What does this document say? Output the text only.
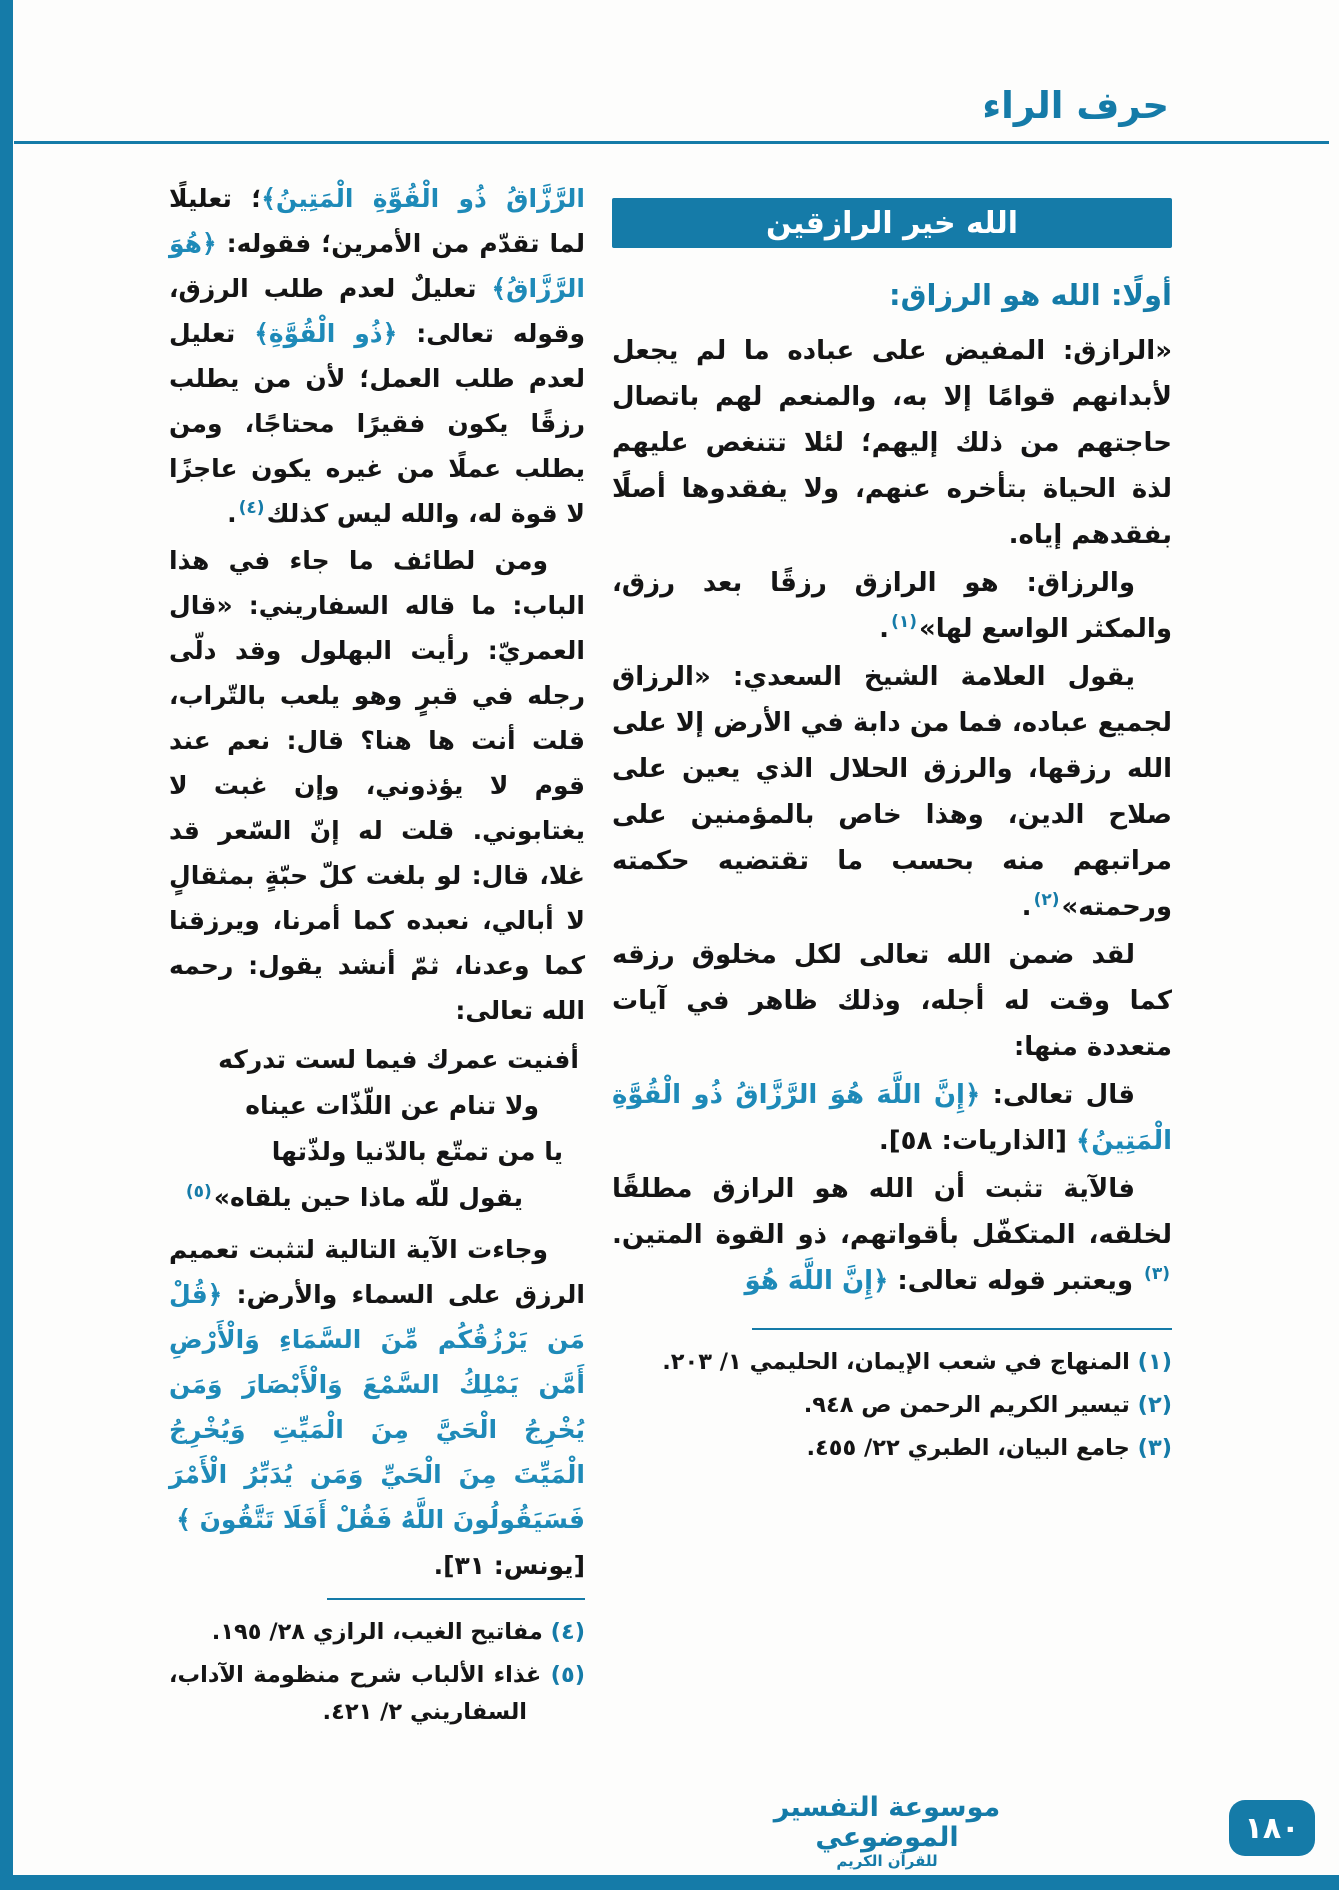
حرف الراء
الله خير الرازقين
أولًا: الله هو الرزاق:

«الرازق: المفيض على عباده ما لم يجعل لأبدانهم قوامًا إلا به، والمنعم لهم باتصال حاجتهم من ذلك إليهم؛ لئلا تتنغص عليهم لذة الحياة بتأخره عنهم، ولا يفقدوها أصلًا بفقدهم إياه.

والرزاق: هو الرازق رزقًا بعد رزق، والمكثر الواسع لها»$^{(١)}$.

يقول العلامة الشيخ السعدي: «الرزاق لجميع عباده، فما من دابة في الأرض إلا على الله رزقها، والرزق الحلال الذي يعين على صلاح الدين، وهذا خاص بالمؤمنين على مراتبهم منه بحسب ما تقتضيه حكمته ورحمته»$^{(٢)}$.

لقد ضمن الله تعالى لكل مخلوق رزقه كما وقت له أجله، وذلك ظاهر في آيات متعددة منها:

قال تعالى: ﴿إِنَّ اللَّهَ هُوَ الرَّزَّاقُ ذُو الْقُوَّةِ الْمَتِينُ﴾ [الذاريات: ٥٨].

فالآية تثبت أن الله هو الرازق مطلقًا لخلقه، المتكفّل بأقواتهم، ذو القوة المتين.$^{(٣)}$ ويعتبر قوله تعالى: ﴿إِنَّ اللَّهَ هُوَ

(١) المنهاج في شعب الإيمان، الحليمي ١/ ٢٠٣.
(٢) تيسير الكريم الرحمن ص ٩٤٨.
(٣) جامع البيان، الطبري ٢٢/ ٤٥٥.

الرَّزَّاقُ ذُو الْقُوَّةِ الْمَتِينُ﴾؛ تعليلًا لما تقدّم من الأمرين؛ فقوله: ﴿هُوَ الرَّزَّاقُ﴾ تعليلٌ لعدم طلب الرزق، وقوله تعالى: ﴿ذُو الْقُوَّةِ﴾ تعليل لعدم طلب العمل؛ لأن من يطلب رزقًا يكون فقيرًا محتاجًا، ومن يطلب عملًا من غيره يكون عاجزًا لا قوة له، والله ليس كذلك$^{(٤)}$.

ومن لطائف ما جاء في هذا الباب: ما قاله السفاريني: «قال العمريّ: رأيت البهلول وقد دلّى رجله في قبرٍ وهو يلعب بالتّراب، قلت أنت ها هنا؟ قال: نعم عند قوم لا يؤذوني، وإن غبت لا يغتابوني. قلت له إنّ السّعر قد غلا، قال: لو بلغت كلّ حبّةٍ بمثقالٍ لا أبالي، نعبده كما أمرنا، ويرزقنا كما وعدنا، ثمّ أنشد يقول: رحمه الله تعالى:

أفنيت عمرك فيما لست تدركه
ولا تنام عن اللّذّات عيناه
يا من تمتّع بالدّنيا ولذّتها
يقول للّه ماذا حين يلقاه»$^{(٥)}$

وجاءت الآية التالية لتثبت تعميم الرزق على السماء والأرض: ﴿قُلْ مَن يَرْزُقُكُم مِّنَ السَّمَاءِ وَالْأَرْضِ أَمَّن يَمْلِكُ السَّمْعَ وَالْأَبْصَارَ وَمَن يُخْرِجُ الْحَيَّ مِنَ الْمَيِّتِ وَيُخْرِجُ الْمَيِّتَ مِنَ الْحَيِّ وَمَن يُدَبِّرُ الْأَمْرَ فَسَيَقُولُونَ اللَّهُ فَقُلْ أَفَلَا تَتَّقُونَ ﴾

[يونس: ٣١].
(٤) مفاتيح الغيب، الرازي ٢٨/ ١٩٥.
(٥) غذاء الألباب شرح منظومة الآداب، السفاريني ٢/ ٤٢١.
موسوعة التفسير الموضوعي
للقرآن الكريم
١٨٠
